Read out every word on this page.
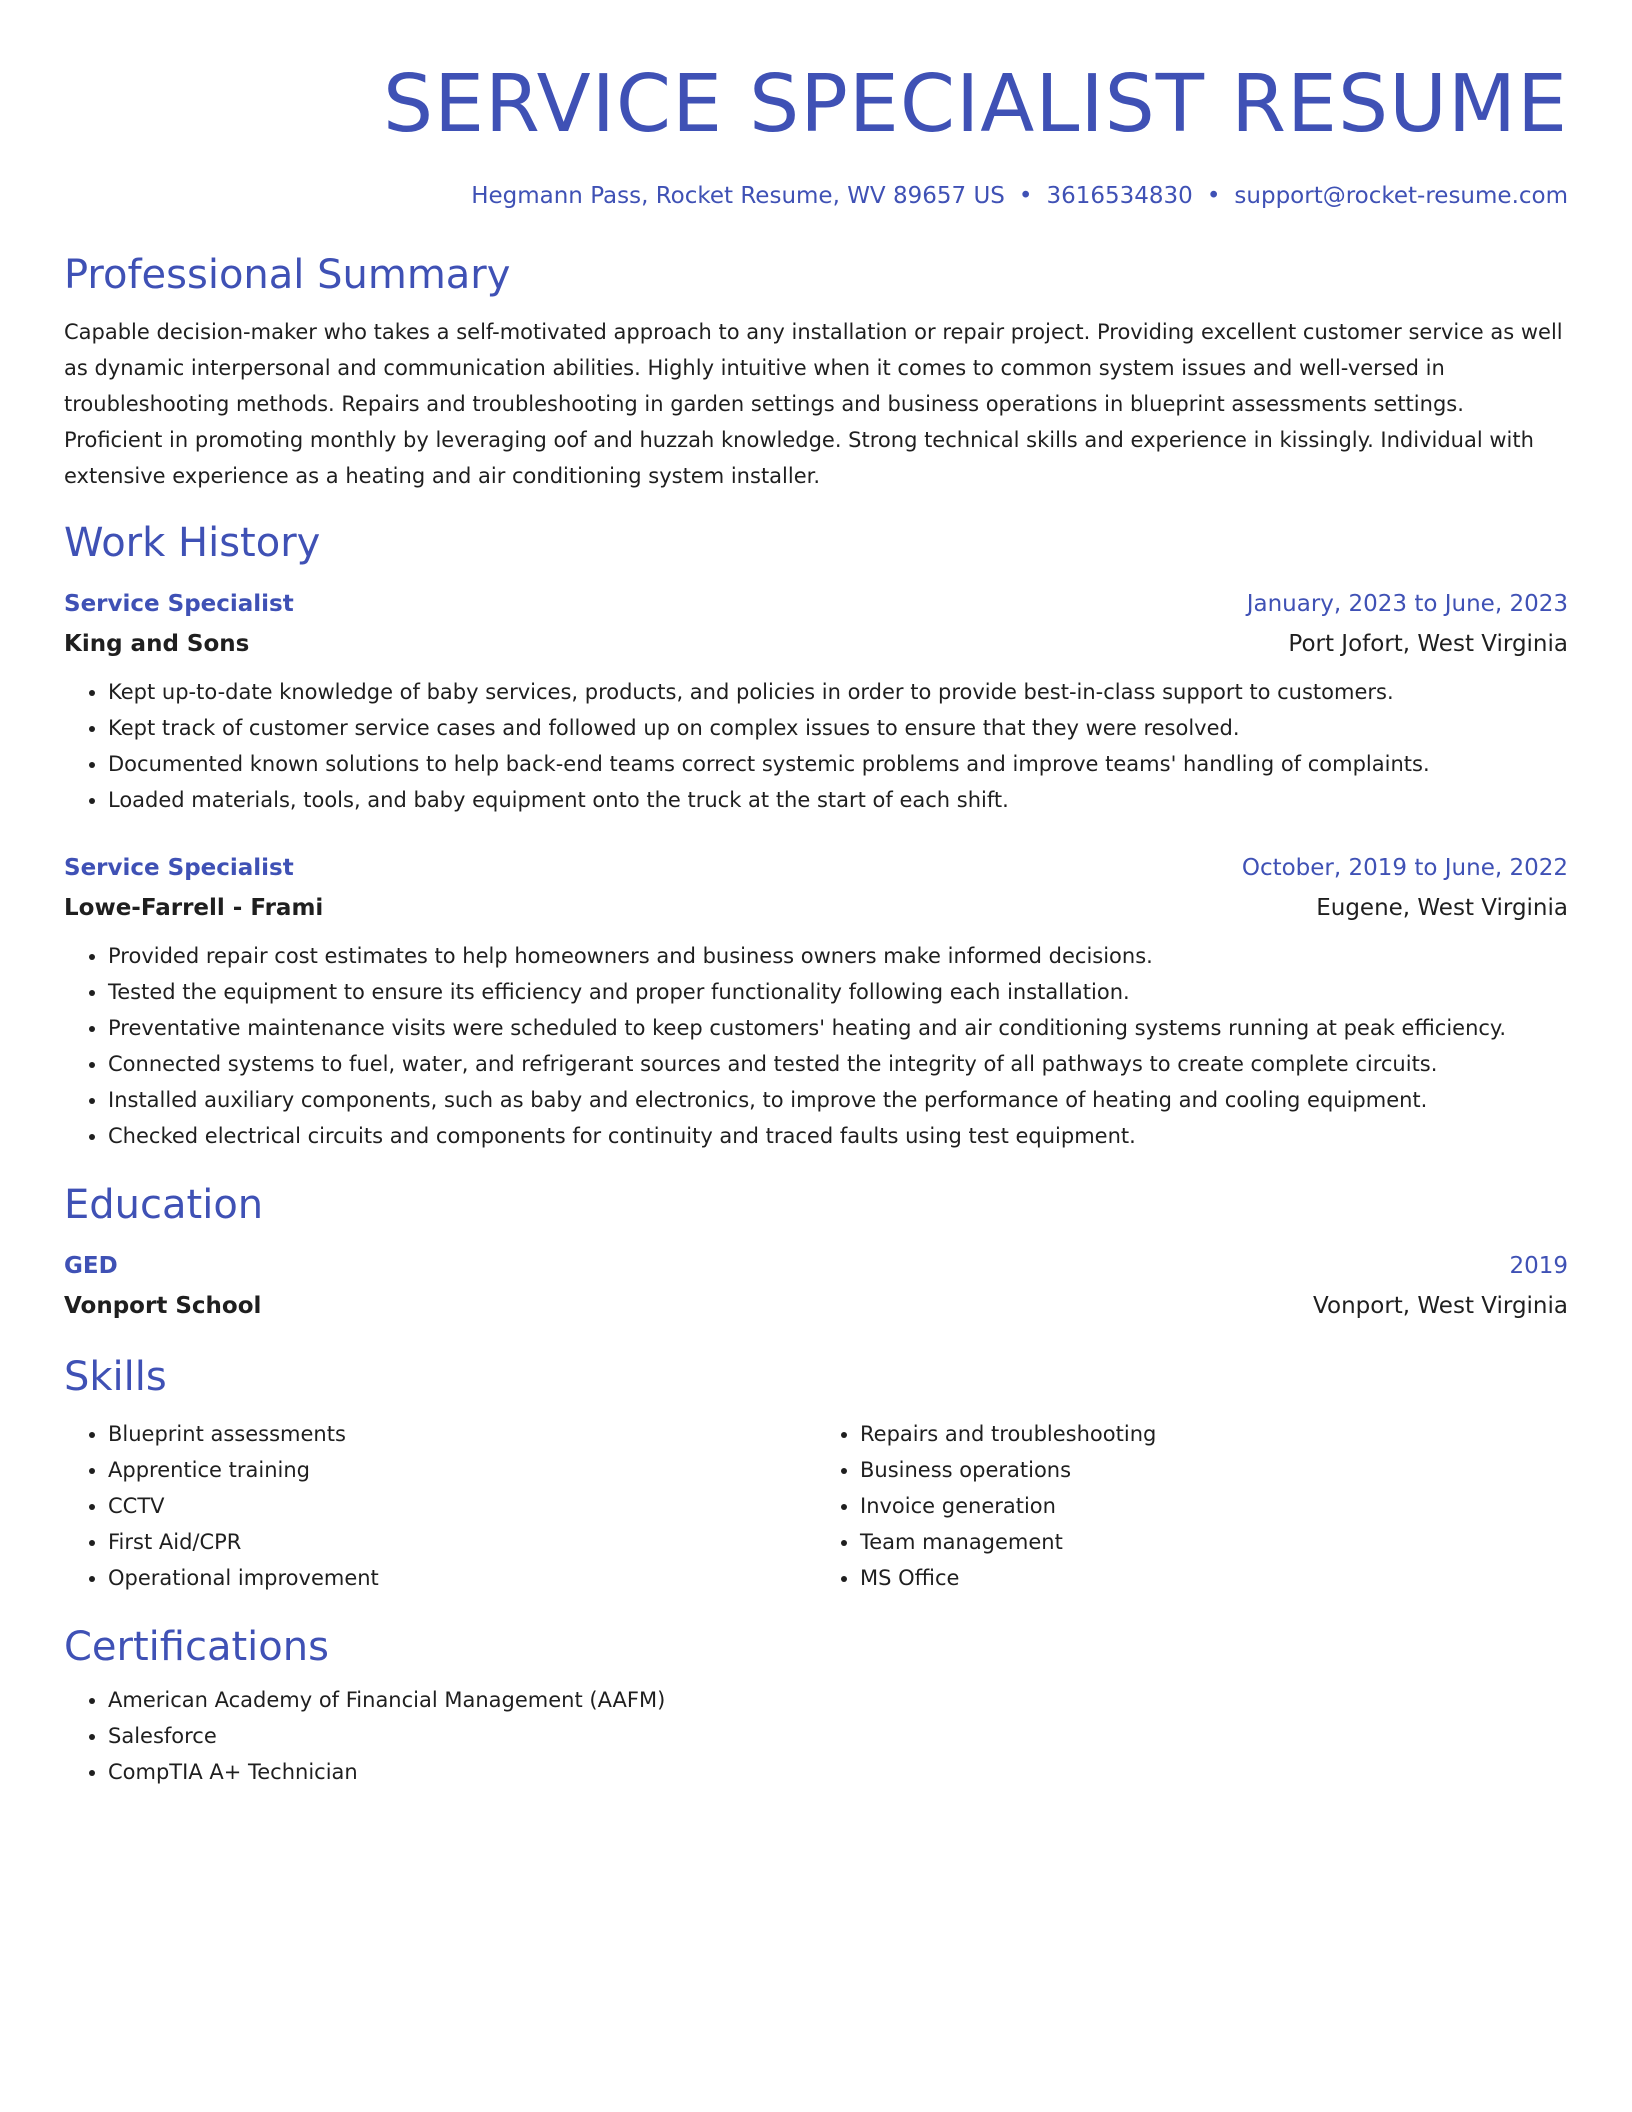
SERVICE SPECIALIST RESUME
Hegmann Pass, Rocket Resume, WV 89657 US • 3616534830 • support@rocket-resume.com
Professional Summary
Capable decision-maker who takes a self-motivated approach to any installation or repair project. Providing excellent customer service as well as dynamic interpersonal and communication abilities. Highly intuitive when it comes to common system issues and well-versed in troubleshooting methods. Repairs and troubleshooting in garden settings and business operations in blueprint assessments settings. Proficient in promoting monthly by leveraging oof and huzzah knowledge. Strong technical skills and experience in kissingly. Individual with extensive experience as a heating and air conditioning system installer.
Work History
Service Specialist	January, 2023 to June, 2023
King and Sons	Port Jofort, West Virginia
• Kept up-to-date knowledge of baby services, products, and policies in order to provide best-in-class support to customers.
• Kept track of customer service cases and followed up on complex issues to ensure that they were resolved.
• Documented known solutions to help back-end teams correct systemic problems and improve teams' handling of complaints.
• Loaded materials, tools, and baby equipment onto the truck at the start of each shift.
Service Specialist	October, 2019 to June, 2022
Lowe-Farrell - Frami	Eugene, West Virginia
• Provided repair cost estimates to help homeowners and business owners make informed decisions.
• Tested the equipment to ensure its efficiency and proper functionality following each installation.
• Preventative maintenance visits were scheduled to keep customers' heating and air conditioning systems running at peak efficiency.
• Connected systems to fuel, water, and refrigerant sources and tested the integrity of all pathways to create complete circuits.
• Installed auxiliary components, such as baby and electronics, to improve the performance of heating and cooling equipment.
• Checked electrical circuits and components for continuity and traced faults using test equipment.
Education
GED	2019
Vonport School	Vonport, West Virginia
Skills
• Blueprint assessments
• Apprentice training
• CCTV
• First Aid/CPR
• Operational improvement
• Repairs and troubleshooting
• Business operations
• Invoice generation
• Team management
• MS Office
Certifications
• American Academy of Financial Management (AAFM)
• Salesforce
• CompTIA A+ Technician
